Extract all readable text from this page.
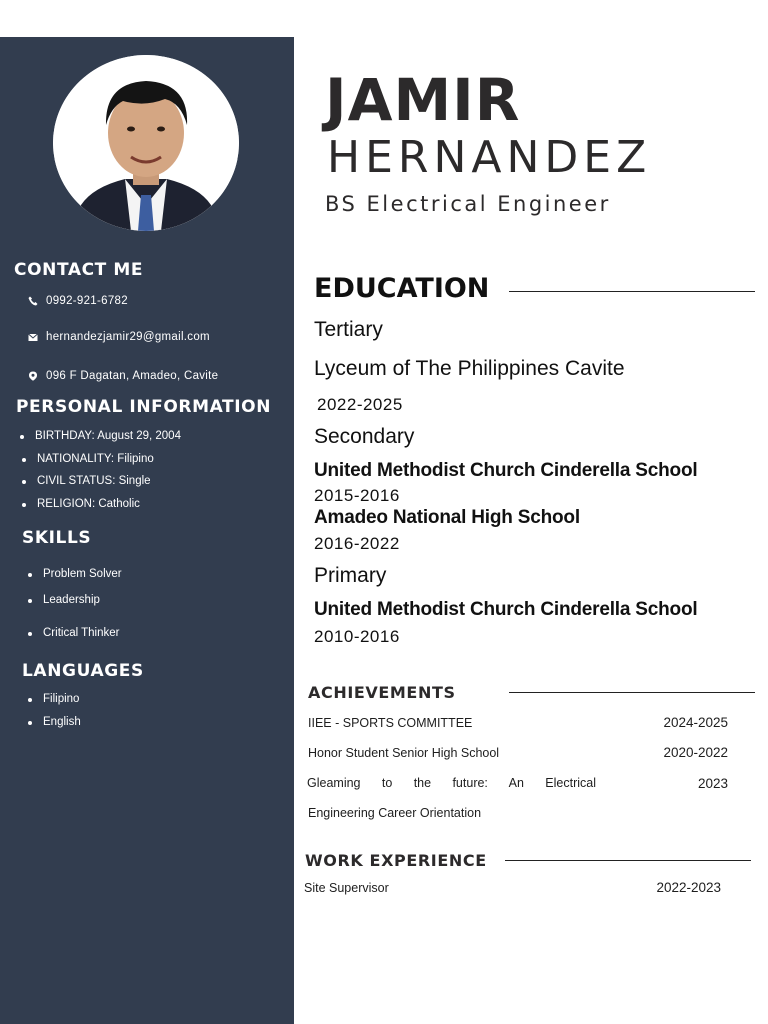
CONTACT ME
0992-921-6782
hernandezjamir29@gmail.com
096 F Dagatan, Amadeo, Cavite
PERSONAL INFORMATION
BIRTHDAY: August 29, 2004
NATIONALITY: Filipino
CIVIL STATUS: Single
RELIGION: Catholic
SKILLS
Problem Solver
Leadership
Critical Thinker
LANGUAGES
Filipino
English
JAMIR
HERNANDEZ
BS Electrical Engineer
EDUCATION
Tertiary
Lyceum of The Philippines Cavite
2022-2025
Secondary
United Methodist Church Cinderella School
2015-2016
Amadeo National High School
2016-2022
Primary
United Methodist Church Cinderella School
2010-2016
ACHIEVEMENTS
IIEE - SPORTS COMMITTEE	2024-2025
Honor Student Senior High School	2020-2022
Gleaming to the future: An Electrical	2023
Engineering Career Orientation
WORK EXPERIENCE
Site Supervisor	2022-2023
